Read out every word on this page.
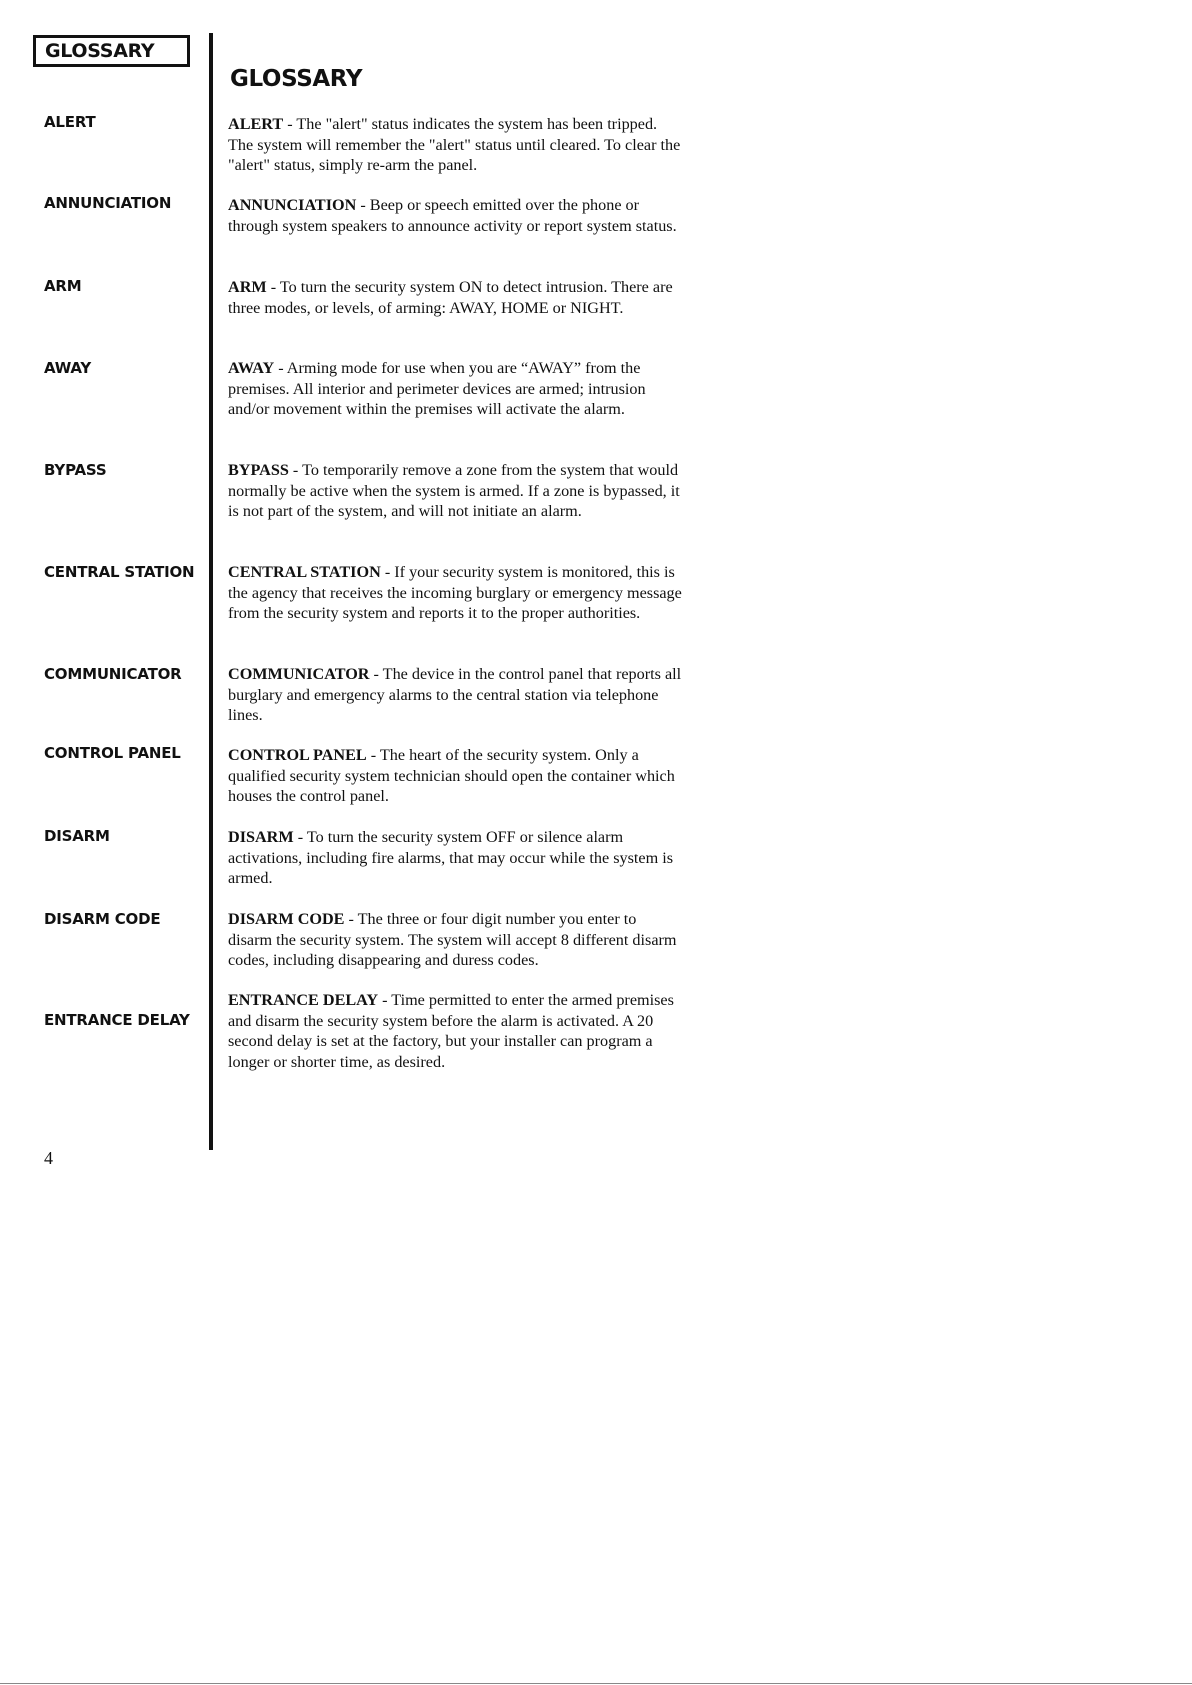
GLOSSARY
ALERT
ANNUNCIATION
ARM
AWAY
BYPASS
CENTRAL STATION
COMMUNICATOR
CONTROL PANEL
DISARM
DISARM CODE
ENTRANCE DELAY
GLOSSARY
ALERT - The "alert" status indicates the system has been tripped. The system will remember the "alert" status until cleared. To clear the "alert" status, simply re-arm the panel.
ANNUNCIATION - Beep or speech emitted over the phone or through system speakers to announce activity or report system status.
ARM - To turn the security system ON to detect intrusion. There are three modes, or levels, of arming: AWAY, HOME or NIGHT.
AWAY - Arming mode for use when you are “AWAY” from the premises. All interior and perimeter devices are armed; intrusion and/or movement within the premises will activate the alarm.
BYPASS - To temporarily remove a zone from the system that would normally be active when the system is armed. If a zone is bypassed, it is not part of the system, and will not initiate an alarm.
CENTRAL STATION - If your security system is monitored, this is the agency that receives the incoming burglary or emergency message from the security system and reports it to the proper authorities.
COMMUNICATOR - The device in the control panel that reports all burglary and emergency alarms to the central station via telephone lines.
CONTROL PANEL - The heart of the security system. Only a qualified security system technician should open the container which houses the control panel.
DISARM - To turn the security system OFF or silence alarm activations, including fire alarms, that may occur while the system is armed.
DISARM CODE - The three or four digit number you enter to disarm the security system. The system will accept 8 different disarm codes, including disappearing and duress codes.
ENTRANCE DELAY - Time permitted to enter the armed premises and disarm the security system before the alarm is activated. A 20 second delay is set at the factory, but your installer can program a longer or shorter time, as desired.
4
